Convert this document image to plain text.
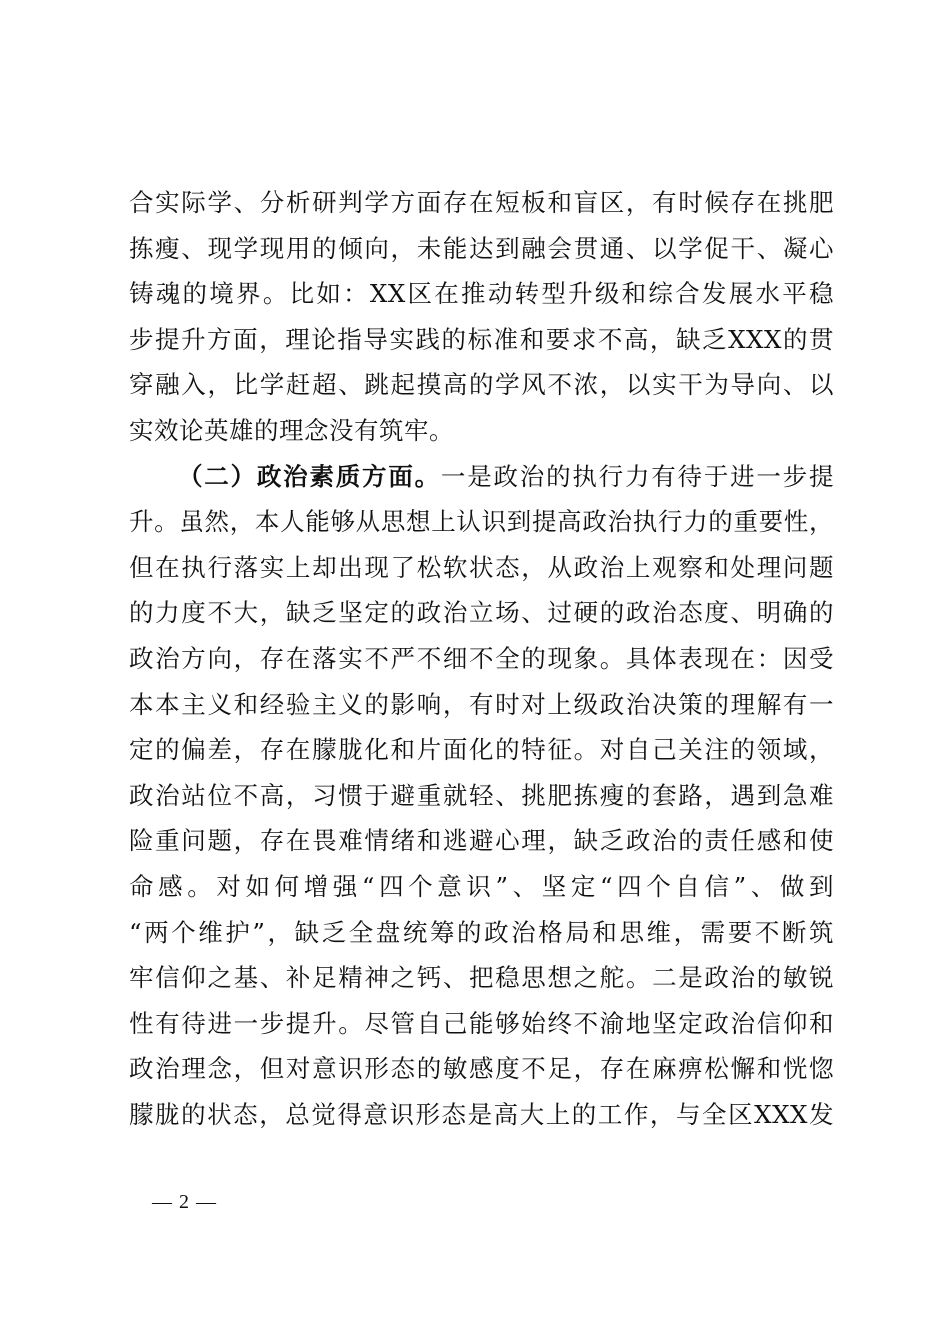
合实际学、分析研判学方面存在短板和盲区，有时候存在挑肥
拣瘦、现学现用的倾向，未能达到融会贯通、以学促干、凝心
铸魂的境界。比如：XX区在推动转型升级和综合发展水平稳
步提升方面，理论指导实践的标准和要求不高，缺乏XXX的贯
穿融入，比学赶超、跳起摸高的学风不浓，以实干为导向、以
实效论英雄的理念没有筑牢。
（二）政治素质方面。一是政治的执行力有待于进一步提
升。虽然，本人能够从思想上认识到提高政治执行力的重要性，
但在执行落实上却出现了松软状态，从政治上观察和处理问题
的力度不大，缺乏坚定的政治立场、过硬的政治态度、明确的
政治方向，存在落实不严不细不全的现象。具体表现在：因受
本本主义和经验主义的影响，有时对上级政治决策的理解有一
定的偏差，存在朦胧化和片面化的特征。对自己关注的领域，
政治站位不高，习惯于避重就轻、挑肥拣瘦的套路，遇到急难
险重问题，存在畏难情绪和逃避心理，缺乏政治的责任感和使
命感。对如何增强“四个意识”、坚定“四个自信”、做到
“两个维护”，缺乏全盘统筹的政治格局和思维，需要不断筑
牢信仰之基、补足精神之钙、把稳思想之舵。二是政治的敏锐
性有待进一步提升。尽管自己能够始终不渝地坚定政治信仰和
政治理念，但对意识形态的敏感度不足，存在麻痹松懈和恍惚
朦胧的状态，总觉得意识形态是高大上的工作，与全区XXX发
— 2 —
